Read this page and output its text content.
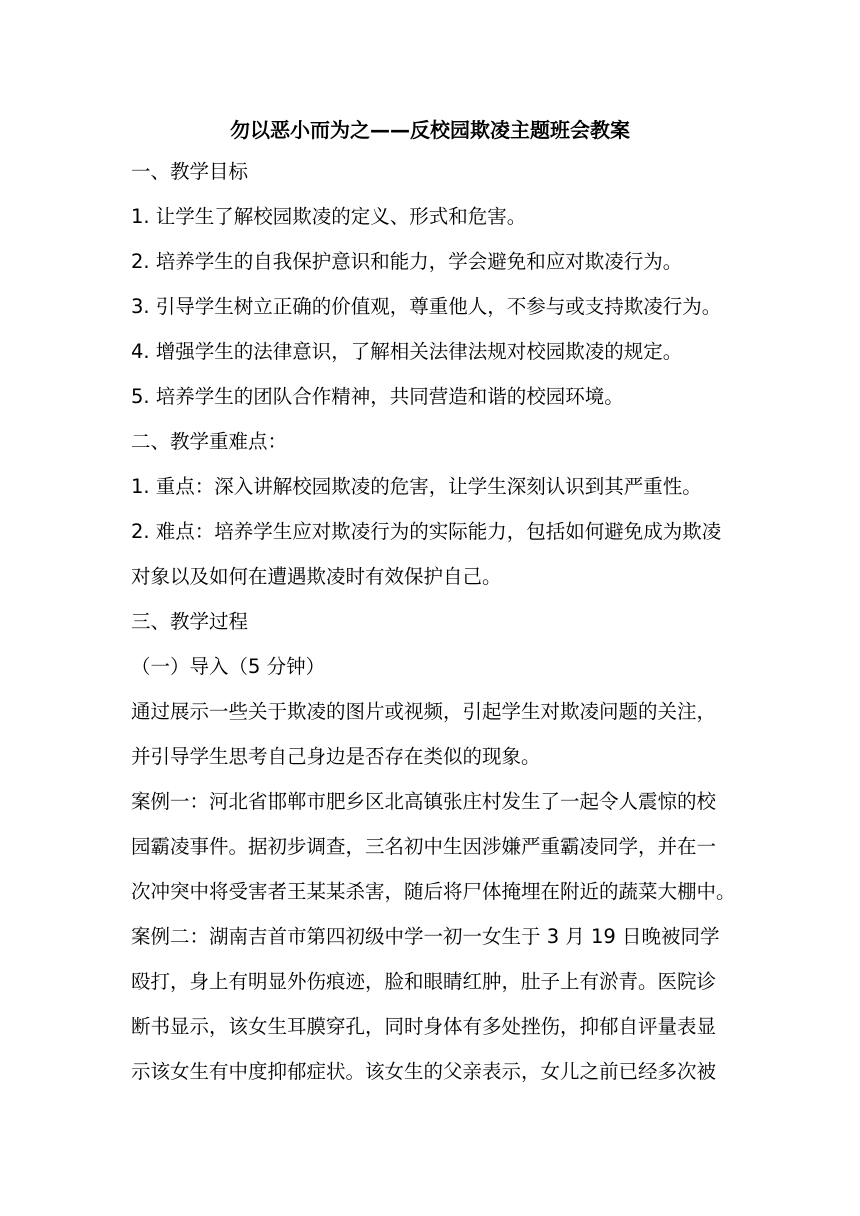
勿以恶小而为之——反校园欺凌主题班会教案
一、教学目标
1. 让学生了解校园欺凌的定义、形式和危害。
2. 培养学生的自我保护意识和能力，学会避免和应对欺凌行为。
3. 引导学生树立正确的价值观，尊重他人，不参与或支持欺凌行为。
4. 增强学生的法律意识，了解相关法律法规对校园欺凌的规定。
5. 培养学生的团队合作精神，共同营造和谐的校园环境。
二、教学重难点：
1. 重点：深入讲解校园欺凌的危害，让学生深刻认识到其严重性。
2. 难点：培养学生应对欺凌行为的实际能力，包括如何避免成为欺凌
对象以及如何在遭遇欺凌时有效保护自己。
三、教学过程
（一）导入（5 分钟）
通过展示一些关于欺凌的图片或视频，引起学生对欺凌问题的关注，
并引导学生思考自己身边是否存在类似的现象。
案例一：河北省邯郸市肥乡区北高镇张庄村发生了一起令人震惊的校
园霸凌事件。据初步调查，三名初中生因涉嫌严重霸凌同学，并在一
次冲突中将受害者王某某杀害，随后将尸体掩埋在附近的蔬菜大棚中。
案例二：湖南吉首市第四初级中学一初一女生于 3 月 19 日晚被同学
殴打，身上有明显外伤痕迹，脸和眼睛红肿，肚子上有淤青。医院诊
断书显示，该女生耳膜穿孔，同时身体有多处挫伤，抑郁自评量表显
示该女生有中度抑郁症状。该女生的父亲表示，女儿之前已经多次被
